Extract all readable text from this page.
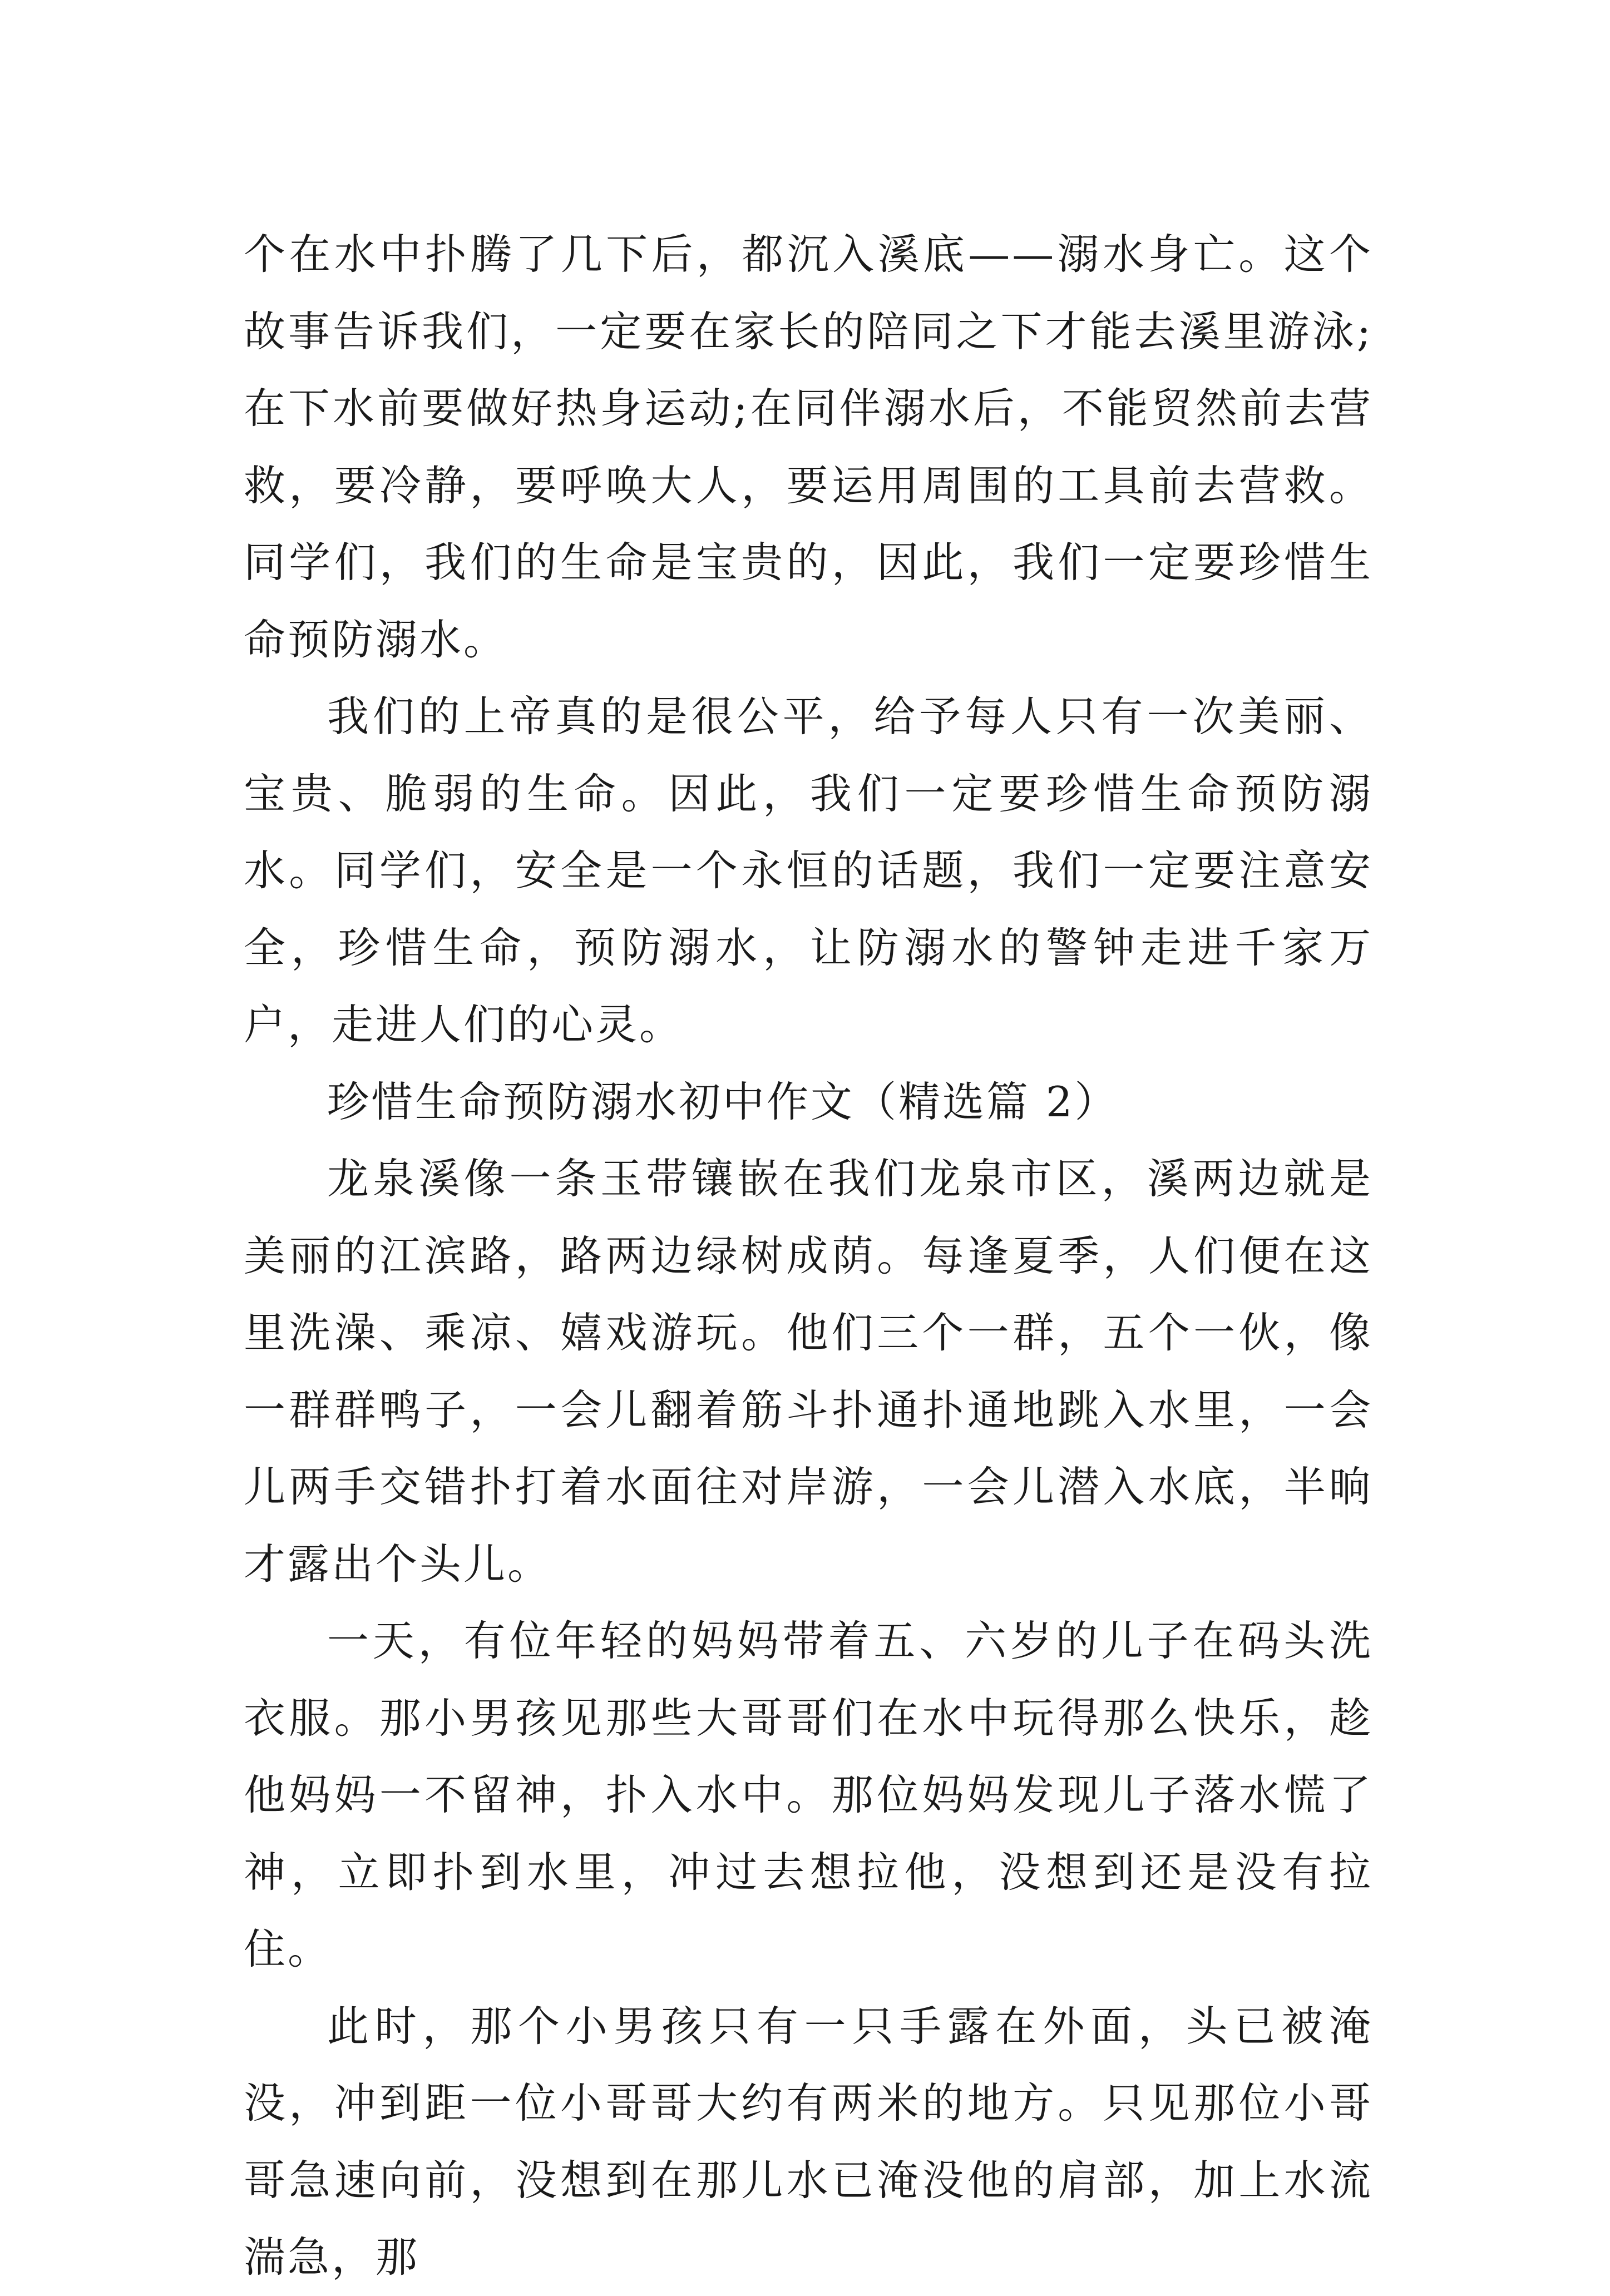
个在水中扑腾了几下后，都沉入溪底——溺水身亡。这个故事告诉我们，一定要在家长的陪同之下才能去溪里游泳;在下水前要做好热身运动;在同伴溺水后，不能贸然前去营救，要冷静，要呼唤大人，要运用周围的工具前去营救。同学们，我们的生命是宝贵的，因此，我们一定要珍惜生命预防溺水。

我们的上帝真的是很公平，给予每人只有一次美丽、宝贵、脆弱的生命。因此，我们一定要珍惜生命预防溺水。同学们，安全是一个永恒的话题，我们一定要注意安全，珍惜生命，预防溺水，让防溺水的警钟走进千家万户，走进人们的心灵。

珍惜生命预防溺水初中作文（精选篇 2）

龙泉溪像一条玉带镶嵌在我们龙泉市区，溪两边就是美丽的江滨路，路两边绿树成荫。每逢夏季，人们便在这里洗澡、乘凉、嬉戏游玩。他们三个一群，五个一伙，像一群群鸭子，一会儿翻着筋斗扑通扑通地跳入水里，一会儿两手交错扑打着水面往对岸游，一会儿潜入水底，半晌才露出个头儿。

一天，有位年轻的妈妈带着五、六岁的儿子在码头洗衣服。那小男孩见那些大哥哥们在水中玩得那么快乐，趁他妈妈一不留神，扑入水中。那位妈妈发现儿子落水慌了神，立即扑到水里，冲过去想拉他，没想到还是没有拉住。

此时，那个小男孩只有一只手露在外面，头已被淹没，冲到距一位小哥哥大约有两米的地方。只见那位小哥哥急速向前，没想到在那儿水已淹没他的肩部，加上水流湍急，那
